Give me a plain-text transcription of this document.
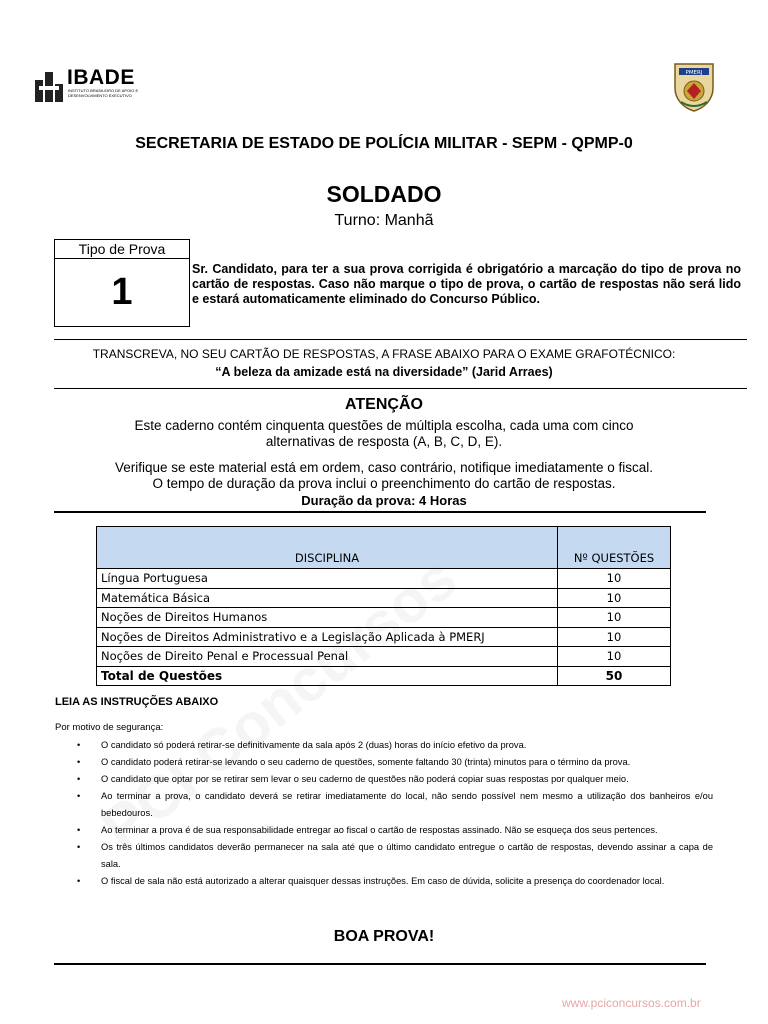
IBADE
INSTITUTO BRASILEIRO DE APOIO E DESENVOLVIMENTO EXECUTIVO
PMERJ
SECRETARIA DE ESTADO DE POLÍCIA MILITAR - SEPM - QPMP-0
SOLDADO
Turno: Manhã
Tipo de Prova
1
Sr. Candidato, para ter a sua prova corrigida é obrigatório a marcação do tipo de prova no cartão de respostas. Caso não marque o tipo de prova, o cartão de respostas não será lido e estará automaticamente eliminado do Concurso Público.
TRANSCREVA, NO SEU CARTÃO DE RESPOSTAS, A FRASE ABAIXO PARA O EXAME GRAFOTÉCNICO:
“A beleza da amizade está na diversidade” (Jarid Arraes)
ATENÇÃO
Este caderno contém cinquenta questões de múltipla escolha, cada uma com cinco alternativas de resposta (A, B, C, D, E).
Verifique se este material está em ordem, caso contrário, notifique imediatamente o fiscal.
O tempo de duração da prova inclui o preenchimento do cartão de respostas.
Duração da prova: 4 Horas
DISCIPLINA	Nº QUESTÕES
Língua Portuguesa	10
Matemática Básica	10
Noções de Direitos Humanos	10
Noções de Direitos Administrativo e a Legislação Aplicada à PMERJ	10
Noções de Direito Penal e Processual Penal	10
Total de Questões	50
LEIA AS INSTRUÇÕES ABAIXO
Por motivo de segurança:
• O candidato só poderá retirar-se definitivamente da sala após 2 (duas) horas do início efetivo da prova.
• O candidato poderá retirar-se levando o seu caderno de questões, somente faltando 30 (trinta) minutos para o término da prova.
• O candidato que optar por se retirar sem levar o seu caderno de questões não poderá copiar suas respostas por qualquer meio.
• Ao terminar a prova, o candidato deverá se retirar imediatamente do local, não sendo possível nem mesmo a utilização dos banheiros e/ou bebedouros.
• Ao terminar a prova é de sua responsabilidade entregar ao fiscal o cartão de respostas assinado. Não se esqueça dos seus pertences.
• Os três últimos candidatos deverão permanecer na sala até que o último candidato entregue o cartão de respostas, devendo assinar a capa de sala.
• O fiscal de sala não está autorizado a alterar quaisquer dessas instruções. Em caso de dúvida, solicite a presença do coordenador local.
BOA PROVA!
www.pciconcursos.com.br
